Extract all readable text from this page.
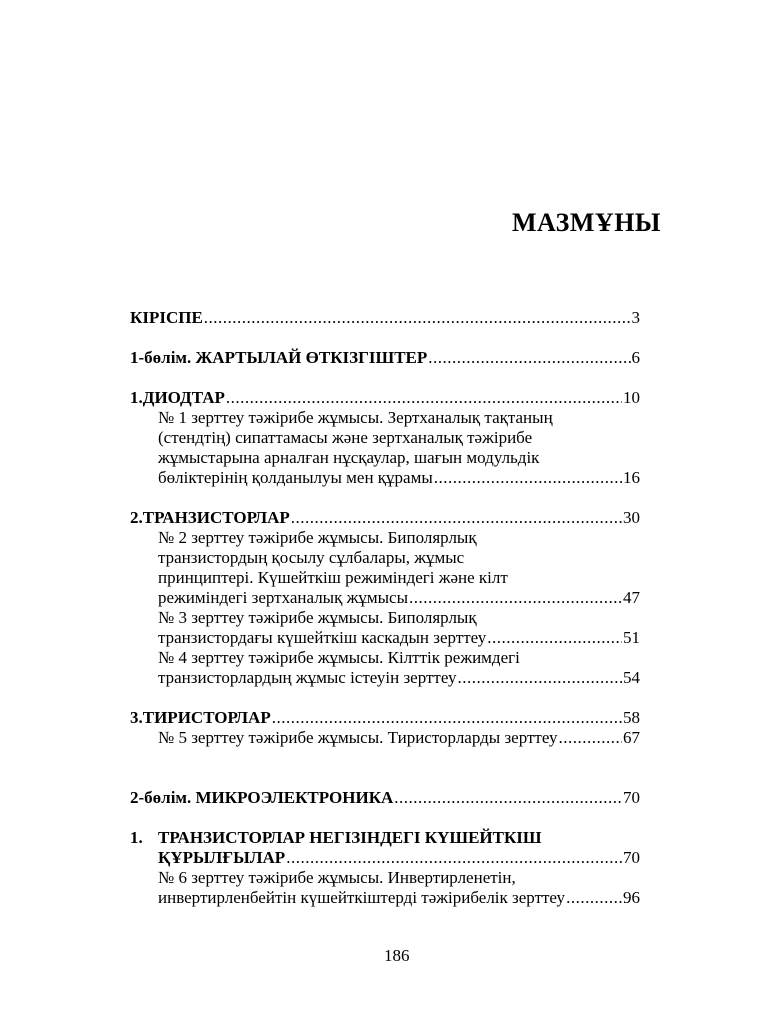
МАЗМҰНЫ
КІРІСПЕ .....	3
1-бөлім. ЖАРТЫЛАЙ ӨТКІЗГІШТЕР .....	6
1. ДИОДТАР .....	10
№ 1 зерттеу тәжірибе жұмысы. Зертханалық тақтаның
(стендтің) сипаттамасы және зертханалық тәжірибе
жұмыстарына арналған нұсқаулар, шағын модульдік
бөліктерінің қолданылуы мен құрамы .....	16
2. ТРАНЗИСТОРЛАР .....	30
№ 2 зерттеу тәжірибе жұмысы. Биполярлық
транзистордың қосылу сұлбалары, жұмыс
принциптері. Күшейткіш режиміндегі және кілт
режиміндегі зертханалық жұмысы .....	47
№ 3 зерттеу тәжірибе жұмысы. Биполярлық
транзистордағы күшейткіш каскадын зерттеу .....	51
№ 4 зерттеу тәжірибе жұмысы. Кілттік режимдегі
транзисторлардың жұмыс істеуін зерттеу .....	54
3. ТИРИСТОРЛАР .....	58
№ 5 зерттеу тәжірибе жұмысы. Тиристорларды зерттеу .....	67
2-бөлім. МИКРОЭЛЕКТРОНИКА .....	70
1. ТРАНЗИСТОРЛАР НЕГІЗІНДЕГІ КҮШЕЙТКІШ
ҚҰРЫЛҒЫЛАР .....	70
№ 6 зерттеу тәжірибе жұмысы. Инвертирленетін,
инвертирленбейтін күшейткіштерді тәжірибелік зерттеу .....	96
186
